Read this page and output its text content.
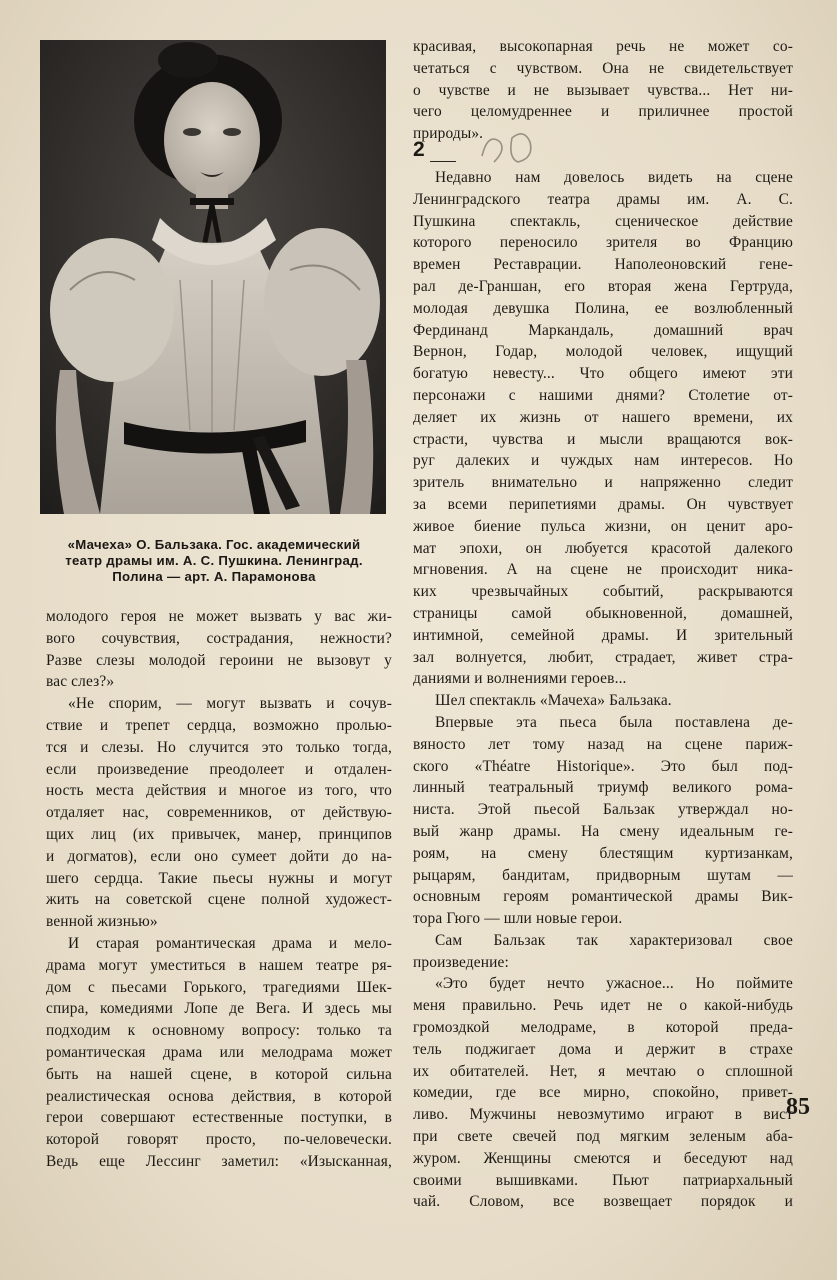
«Мачеха» О. Бальзака. Гос. академический
театр драмы им. А. С. Пушкина. Ленинград.
Полина — арт. А. Парамонова
молодого героя не может вызвать у вас жи-
вого сочувствия, сострадания, нежности?
Разве слезы молодой героини не вызовут у
вас слез?»
«Не спорим, — могут вызвать и сочув-
ствие и трепет сердца, возможно пролью-
тся и слезы. Но случится это только тогда,
если произведение преодолеет и отдален-
ность места действия и многое из того, что
отдаляет нас, современников, от действую-
щих лиц (их привычек, манер, принципов
и догматов), если оно сумеет дойти до на-
шего сердца. Такие пьесы нужны и могут
жить на советской сцене полной художест-
венной жизнью»
И старая романтическая драма и мело-
драма могут уместиться в нашем театре ря-
дом с пьесами Горького, трагедиями Шек-
спира, комедиями Лопе де Вега. И здесь мы
подходим к основному вопросу: только та
романтическая драма или мелодрама может
быть на нашей сцене, в которой сильна
реалистическая основа действия, в которой
герои совершают естественные поступки, в
которой говорят просто, по-человечески.
Ведь еще Лессинг заметил: «Изысканная,
красивая, высокопарная речь не может со-
четаться с чувством. Она не свидетельствует
о чувстве и не вызывает чувства... Нет ни-
чего целомудреннее и приличнее простой
природы».
2
Недавно нам довелось видеть на сцене
Ленинградского театра драмы им. А. С.
Пушкина спектакль, сценическое действие
которого переносило зрителя во Францию
времен Реставрации. Наполеоновский гене-
рал де-Граншан, его вторая жена Гертруда,
молодая девушка Полина, ее возлюбленный
Фердинанд Маркандаль, домашний врач
Вернон, Годар, молодой человек, ищущий
богатую невесту... Что общего имеют эти
персонажи с нашими днями? Столетие от-
деляет их жизнь от нашего времени, их
страсти, чувства и мысли вращаются вок-
руг далеких и чуждых нам интересов. Но
зритель внимательно и напряженно следит
за всеми перипетиями драмы. Он чувствует
живое биение пульса жизни, он ценит аро-
мат эпохи, он любуется красотой далекого
мгновения. А на сцене не происходит ника-
ких чрезвычайных событий, раскрываются
страницы самой обыкновенной, домашней,
интимной, семейной драмы. И зрительный
зал волнуется, любит, страдает, живет стра-
даниями и волнениями героев...
Шел спектакль «Мачеха» Бальзака.
Впервые эта пьеса была поставлена де-
вяносто лет тому назад на сцене париж-
ского «Théatre Historique». Это был под-
линный театральный триумф великого рома-
ниста. Этой пьесой Бальзак утверждал но-
вый жанр драмы. На смену идеальным ге-
роям, на смену блестящим куртизанкам,
рыцарям, бандитам, придворным шутам —
основным героям романтической драмы Вик-
тора Гюго — шли новые герои.
Сам Бальзак так характеризовал свое
произведение:
«Это будет нечто ужасное... Но поймите
меня правильно. Речь идет не о какой-нибудь
громоздкой мелодраме, в которой преда-
тель поджигает дома и держит в страхе
их обитателей. Нет, я мечтаю о сплошной
комедии, где все мирно, спокойно, привет-
ливо. Мужчины невозмутимо играют в вист
при свете свечей под мягким зеленым аба-
журом. Женщины смеются и беседуют над
своими вышивками. Пьют патриархальный
чай. Словом, все возвещает порядок и
85
